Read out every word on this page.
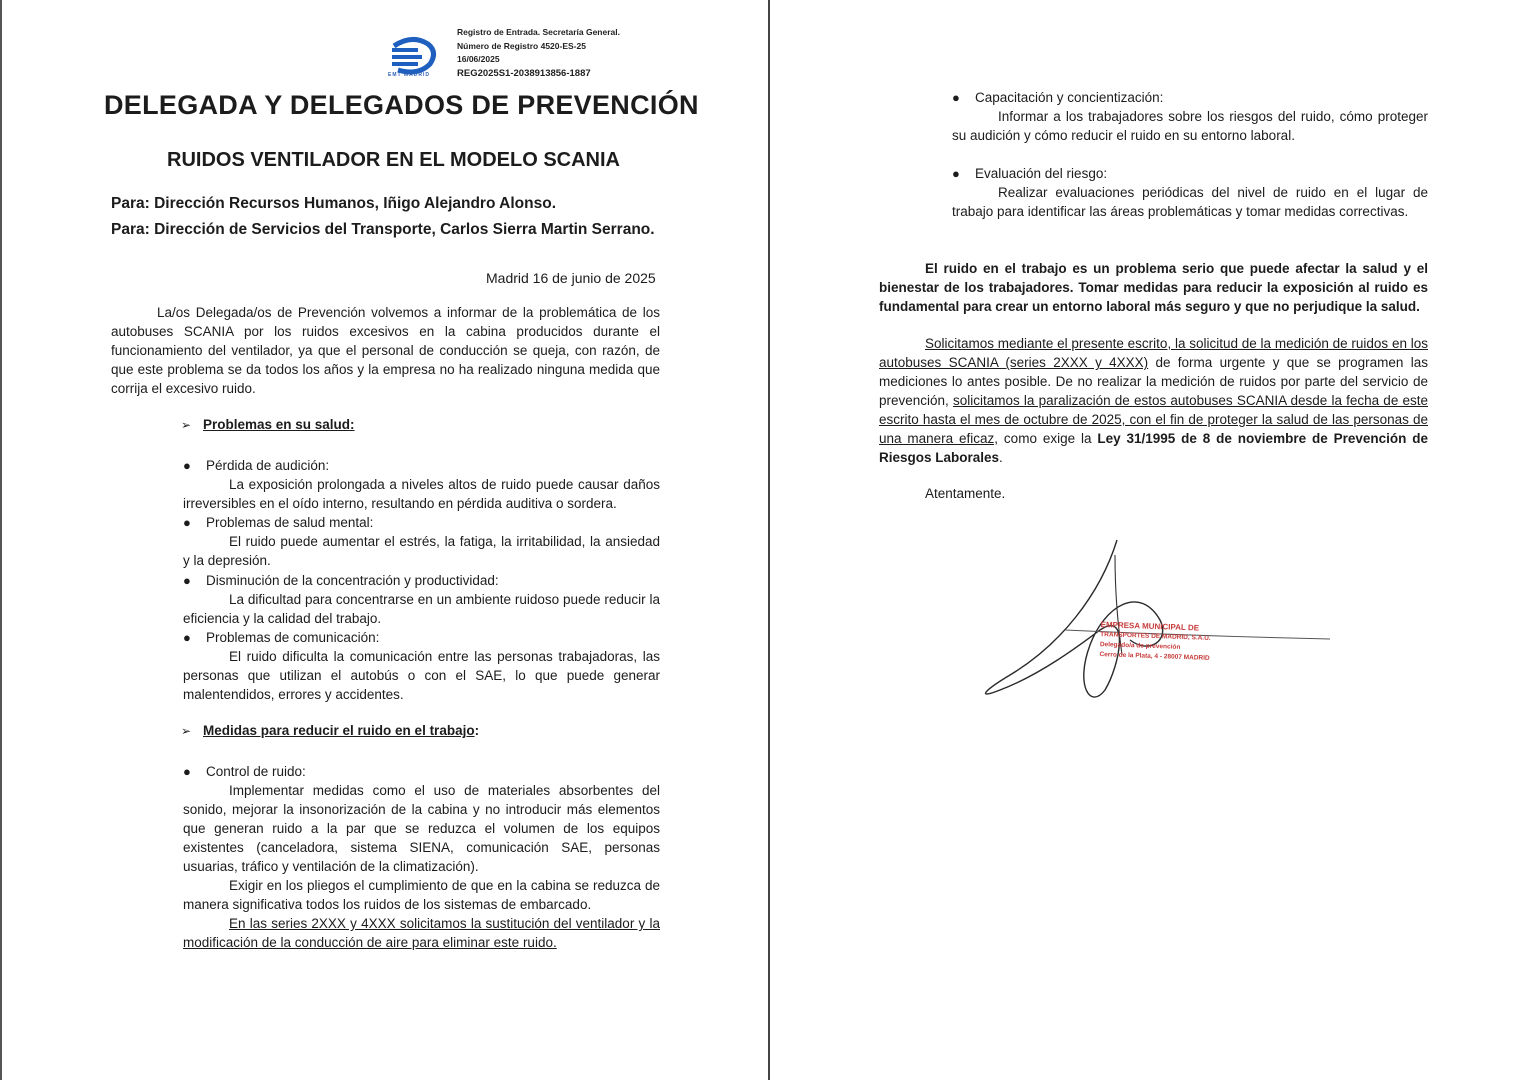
EMT MADRID
Registro de Entrada. Secretaría General.
Número de Registro 4520-ES-25
16/06/2025
REG2025S1-2038913856-1887
DELEGADA Y DELEGADOS DE PREVENCIÓN
RUIDOS VENTILADOR EN EL MODELO SCANIA
Para: Dirección Recursos Humanos, Iñigo Alejandro Alonso.
Para: Dirección de Servicios del Transporte, Carlos Sierra Martin Serrano.
Madrid 16 de junio de 2025
La/os Delegada/os de Prevención volvemos a informar de la problemática de los autobuses SCANIA por los ruidos excesivos en la cabina producidos durante el funcionamiento del ventilador, ya que el personal de conducción se queja, con razón, de que este problema se da todos los años y la empresa no ha realizado ninguna medida que corrija el excesivo ruido.
➢ Problemas en su salud:
● Pérdida de audición:
La exposición prolongada a niveles altos de ruido puede causar daños irreversibles en el oído interno, resultando en pérdida auditiva o sordera.
● Problemas de salud mental:
El ruido puede aumentar el estrés, la fatiga, la irritabilidad, la ansiedad y la depresión.
● Disminución de la concentración y productividad:
La dificultad para concentrarse en un ambiente ruidoso puede reducir la eficiencia y la calidad del trabajo.
● Problemas de comunicación:
El ruido dificulta la comunicación entre las personas trabajadoras, las personas que utilizan el autobús o con el SAE, lo que puede generar malentendidos, errores y accidentes.
➢ Medidas para reducir el ruido en el trabajo:
● Control de ruido:

Implementar medidas como el uso de materiales absorbentes del sonido, mejorar la insonorización de la cabina y no introducir más elementos que generan ruido a la par que se reduzca el volumen de los equipos existentes (canceladora, sistema SIENA, comunicación SAE, personas usuarias, tráfico y ventilación de la climatización).

Exigir en los pliegos el cumplimiento de que en la cabina se reduzca de manera significativa todos los ruidos de los sistemas de embarcado.

En las series 2XXX y 4XXX solicitamos la sustitución del ventilador y la modificación de la conducción de aire para eliminar este ruido.

● Capacitación y concientización:
Informar a los trabajadores sobre los riesgos del ruido, cómo proteger su audición y cómo reducir el ruido en su entorno laboral.
● Evaluación del riesgo:
Realizar evaluaciones periódicas del nivel de ruido en el lugar de trabajo para identificar las áreas problemáticas y tomar medidas correctivas.
El ruido en el trabajo es un problema serio que puede afectar la salud y el bienestar de los trabajadores. Tomar medidas para reducir la exposición al ruido es fundamental para crear un entorno laboral más seguro y que no perjudique la salud.
Solicitamos mediante el presente escrito, la solicitud de la medición de ruidos en los autobuses SCANIA (series 2XXX y 4XXX) de forma urgente y que se programen las mediciones lo antes posible. De no realizar la medición de ruidos por parte del servicio de prevención, solicitamos la paralización de estos autobuses SCANIA desde la fecha de este escrito hasta el mes de octubre de 2025, con el fin de proteger la salud de las personas de una manera eficaz, como exige la Ley 31/1995 de 8 de noviembre de Prevención de Riesgos Laborales.
Atentamente.
EMPRESA MUNICIPAL DE
TRANSPORTES DE MADRID, S.A.U.
Delegado/a de prevención
Cerro de la Plata, 4 - 28007 MADRID
